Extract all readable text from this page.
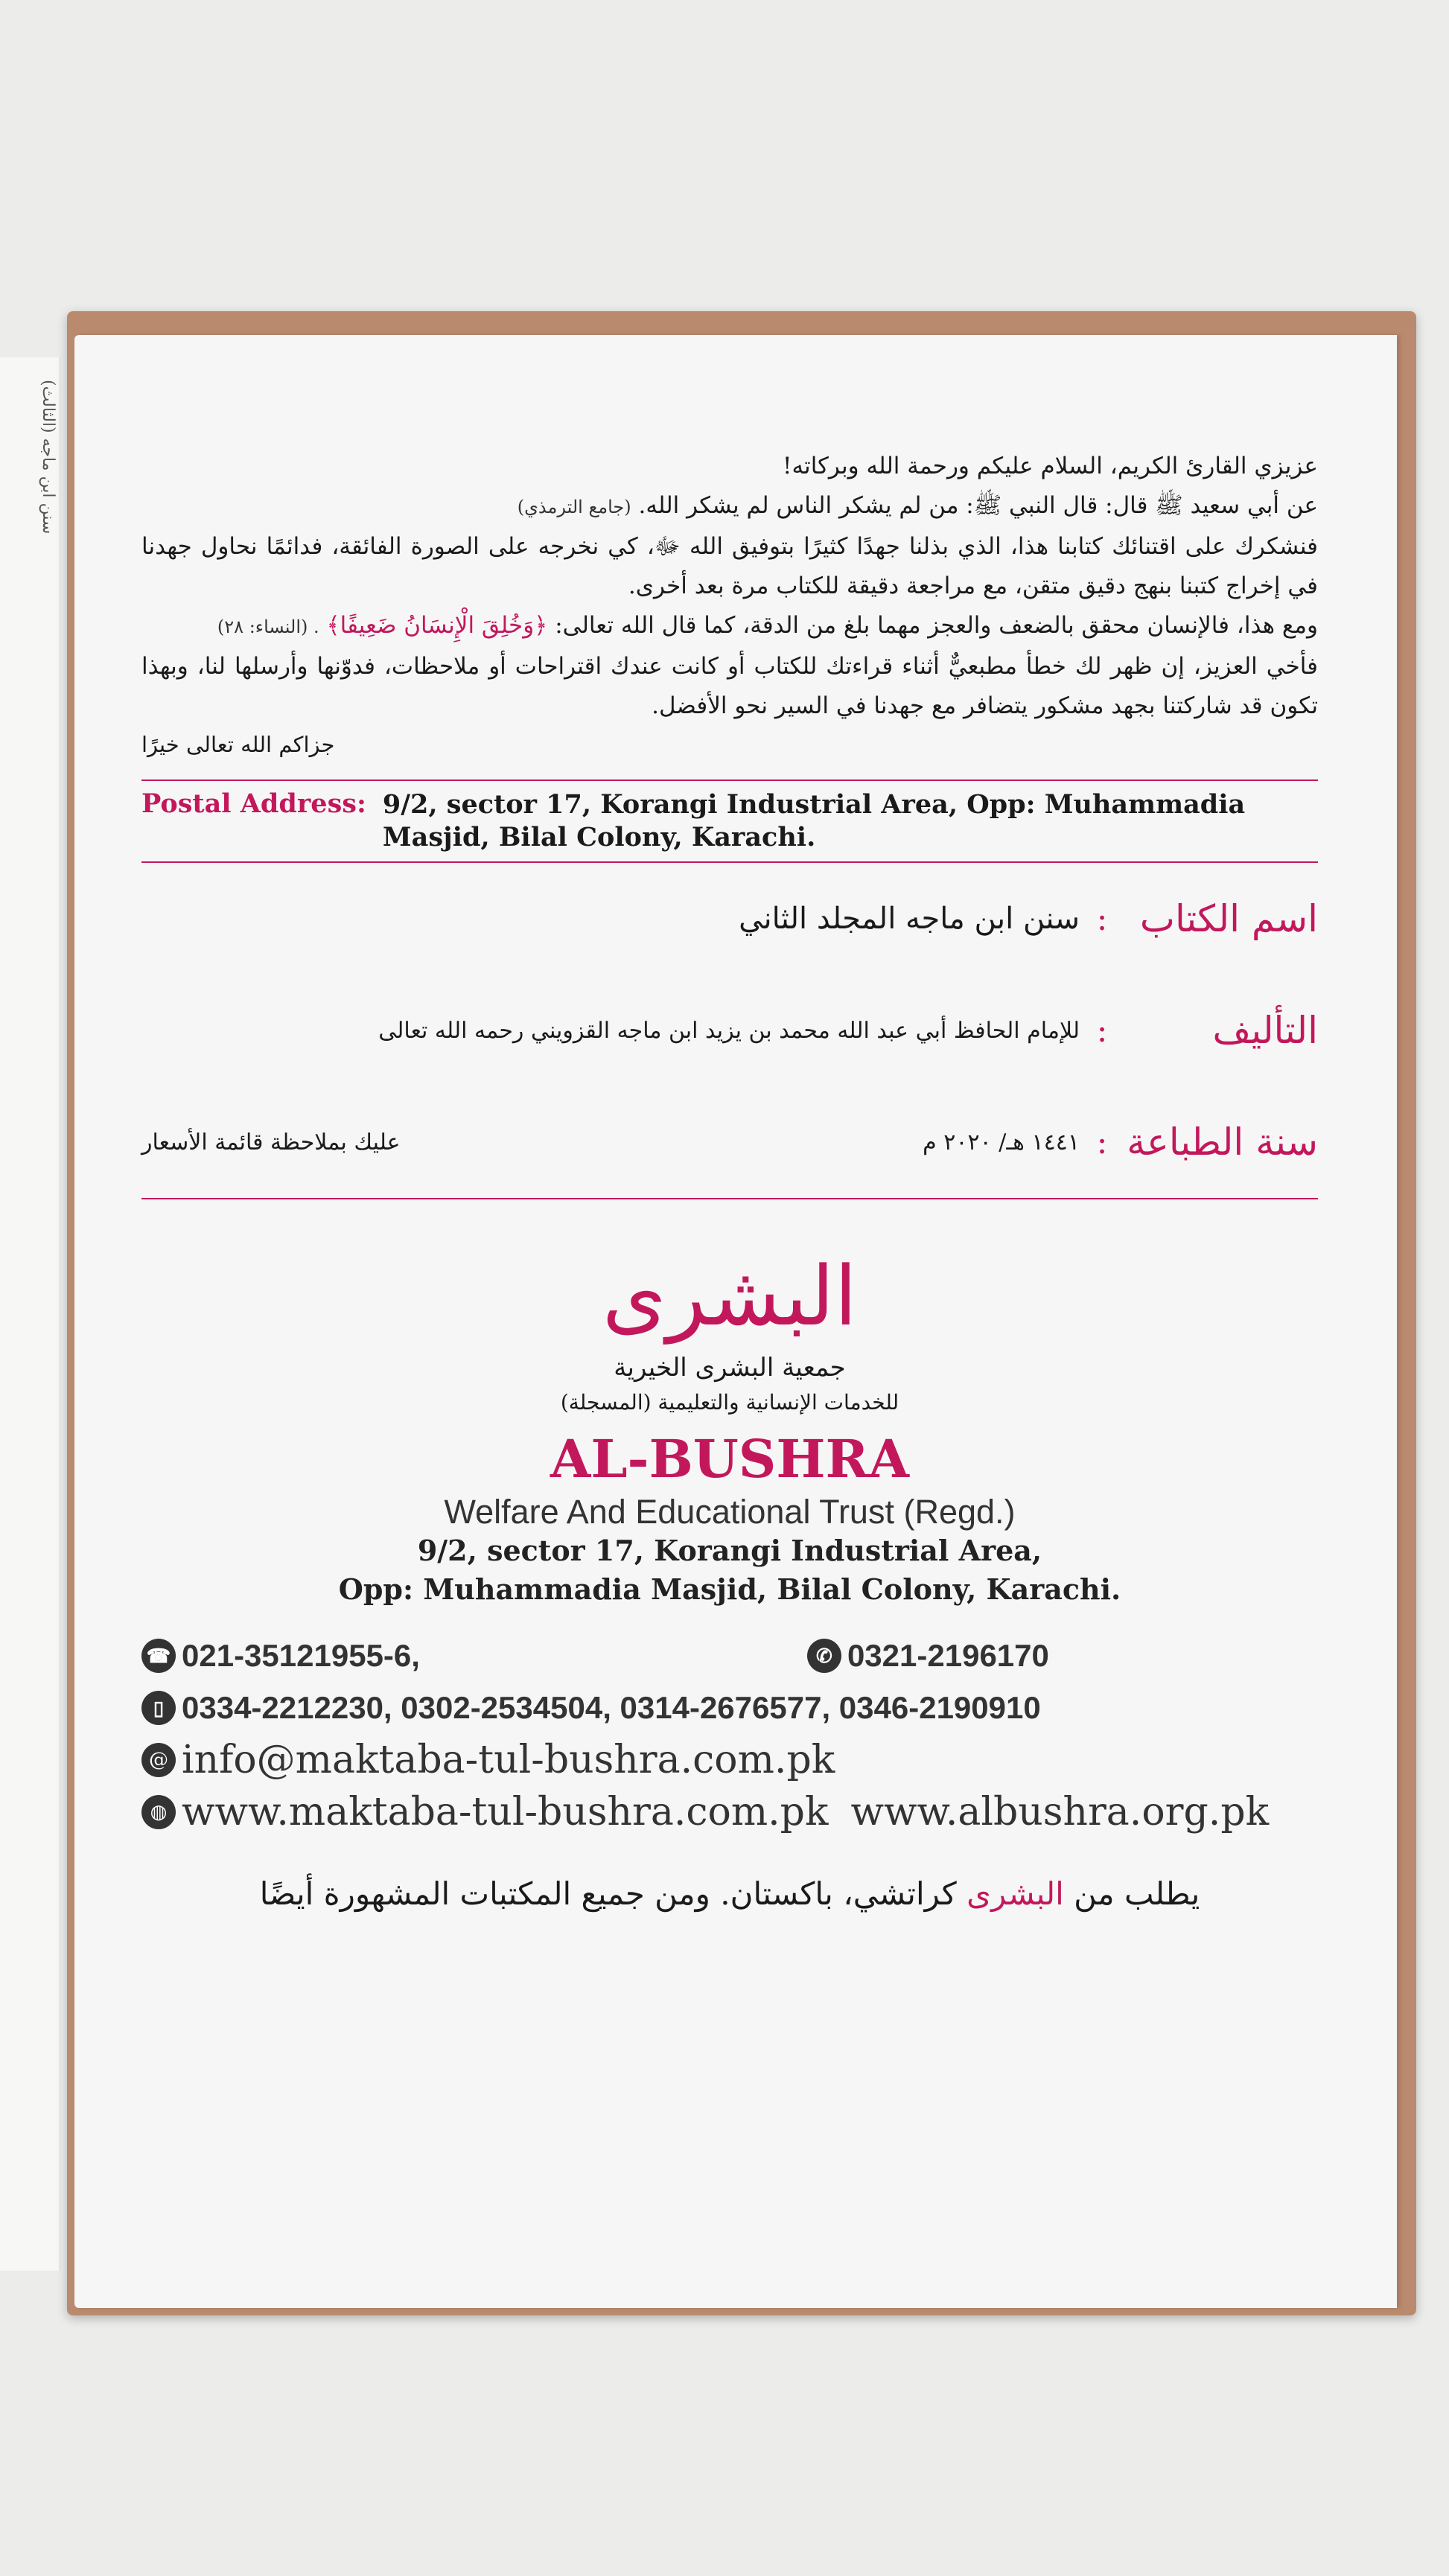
سنن ابن ماجه (الثالث)	عزيزي القارئ الكريم، السلام عليكم ورحمة الله وبركاته!

عن أبي سعيد ﷺ قال: قال النبي ﷺ: من لم يشكر الناس لم يشكر الله. (جامع الترمذي)

فنشكرك على اقتنائك كتابنا هذا، الذي بذلنا جهدًا كثيرًا بتوفيق الله ﷻ، كي نخرجه على الصورة الفائقة، فدائمًا نحاول جهدنا في إخراج كتبنا بنهج دقيق متقن، مع مراجعة دقيقة للكتاب مرة بعد أخرى.

ومع هذا، فالإنسان محقق بالضعف والعجز مهما بلغ من الدقة، كما قال الله تعالى: ﴿وَخُلِقَ الْإِنسَانُ ضَعِيفًا﴾ . (النساء: ٢٨)

فأخي العزيز، إن ظهر لك خطأ مطبعيٌّ أثناء قراءتك للكتاب أو كانت عندك اقتراحات أو ملاحظات، فدوّنها وأرسلها لنا، وبهذا تكون قد شاركتنا بجهد مشكور يتضافر مع جهدنا في السير نحو الأفضل.

جزاكم الله تعالى خيرًا
Postal Address: 9/2, sector 17, Korangi Industrial Area, Opp: Muhammadia Masjid, Bilal Colony, Karachi.
اسم الكتاب
:
سنن ابن ماجه المجلد الثاني
التأليف
:
للإمام الحافظ أبي عبد الله محمد بن يزيد ابن ماجه القزويني رحمه الله تعالى
سنة الطباعة
:
١٤٤١ هـ/ ٢٠٢٠ م
عليك بملاحظة قائمة الأسعار
البشرى
جمعية البشرى الخيرية
للخدمات الإنسانية والتعليمية (المسجلة)
AL-BUSHRA
Welfare And Educational Trust (Regd.)
9/2, sector 17, Korangi Industrial Area,
Opp: Muhammadia Masjid, Bilal Colony, Karachi.
☎ 021-35121955-6,	✆ 0321-2196170
▯ 0334-2212230, 0302-2534504, 0314-2676577, 0346-2190910
@ info@maktaba-tul-bushra.com.pk
◍ www.maktaba-tul-bushra.com.pk www.albushra.org.pk
يطلب من البشرى كراتشي، باكستان. ومن جميع المكتبات المشهورة أيضًا
